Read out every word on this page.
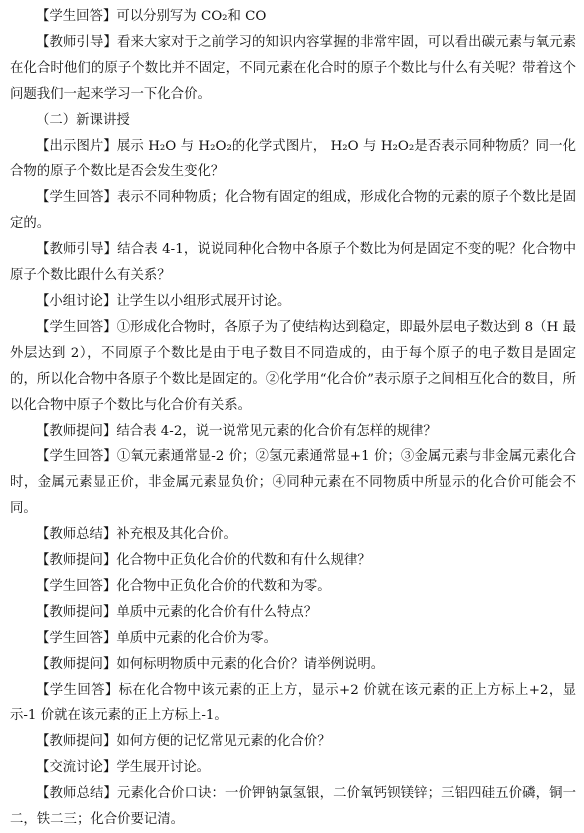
【学生回答】可以分别写为 CO₂和 CO

【教师引导】看来大家对于之前学习的知识内容掌握的非常牢固，可以看出碳元素与氧元素在化合时他们的原子个数比并不固定，不同元素在化合时的原子个数比与什么有关呢？带着这个问题我们一起来学习一下化合价。

（二）新课讲授

【出示图片】展示 H₂O 与 H₂O₂的化学式图片， H₂O 与 H₂O₂是否表示同种物质？同一化合物的原子个数比是否会发生变化？

【学生回答】表示不同种物质；化合物有固定的组成，形成化合物的元素的原子个数比是固定的。

【教师引导】结合表 4-1，说说同种化合物中各原子个数比为何是固定不变的呢？化合物中原子个数比跟什么有关系？

【小组讨论】让学生以小组形式展开讨论。

【学生回答】①形成化合物时，各原子为了使结构达到稳定，即最外层电子数达到 8（H 最外层达到 2），不同原子个数比是由于电子数目不同造成的，由于每个原子的电子数目是固定的，所以化合物中各原子个数比是固定的。②化学用“化合价”表示原子之间相互化合的数目，所以化合物中原子个数比与化合价有关系。

【教师提问】结合表 4-2，说一说常见元素的化合价有怎样的规律？

【学生回答】①氧元素通常显-2 价；②氢元素通常显+1 价；③金属元素与非金属元素化合时，金属元素显正价，非金属元素显负价；④同种元素在不同物质中所显示的化合价可能会不同。

【教师总结】补充根及其化合价。

【教师提问】化合物中正负化合价的代数和有什么规律？

【学生回答】化合物中正负化合价的代数和为零。

【教师提问】单质中元素的化合价有什么特点？

【学生回答】单质中元素的化合价为零。

【教师提问】如何标明物质中元素的化合价？请举例说明。

【学生回答】标在化合物中该元素的正上方，显示+2 价就在该元素的正上方标上+2，显示-1 价就在该元素的正上方标上-1。

【教师提问】如何方便的记忆常见元素的化合价？

【交流讨论】学生展开讨论。

【教师总结】元素化合价口诀：一价钾钠氯氢银，二价氧钙钡镁锌；三铝四硅五价磷，铜一二，铁二三；化合价要记清。
